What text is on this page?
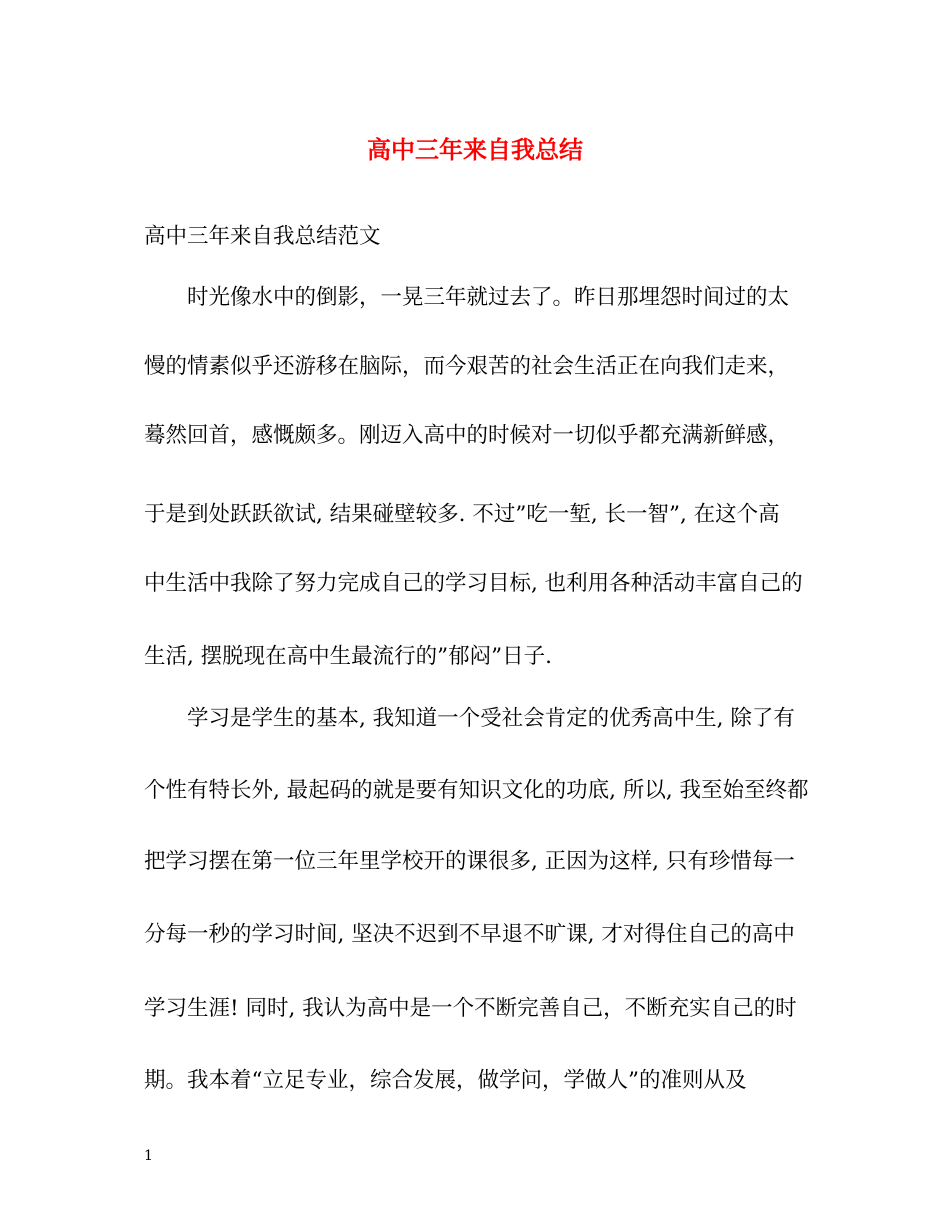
高中三年来自我总结

高中三年来自我总结范文

时光像水中的倒影，一晃三年就过去了。昨日那埋怨时间过的太

慢的情素似乎还游移在脑际，而今艰苦的社会生活正在向我们走来，

蓦然回首，感慨颇多。刚迈入高中的时候对一切似乎都充满新鲜感，

于是到处跃跃欲试, 结果碰壁较多. 不过”吃一堑, 长一智”, 在这个高

中生活中我除了努力完成自己的学习目标, 也利用各种活动丰富自己的

生活, 摆脱现在高中生最流行的”郁闷”日子.

学习是学生的基本, 我知道一个受社会肯定的优秀高中生, 除了有

个性有特长外, 最起码的就是要有知识文化的功底, 所以, 我至始至终都

把学习摆在第一位三年里学校开的课很多, 正因为这样, 只有珍惜每一

分每一秒的学习时间, 坚决不迟到不早退不旷课, 才对得住自己的高中

学习生涯! 同时, 我认为高中是一个不断完善自己，不断充实自己的时

期。我本着“立足专业，综合发展，做学问，学做人”的准则从及

1
